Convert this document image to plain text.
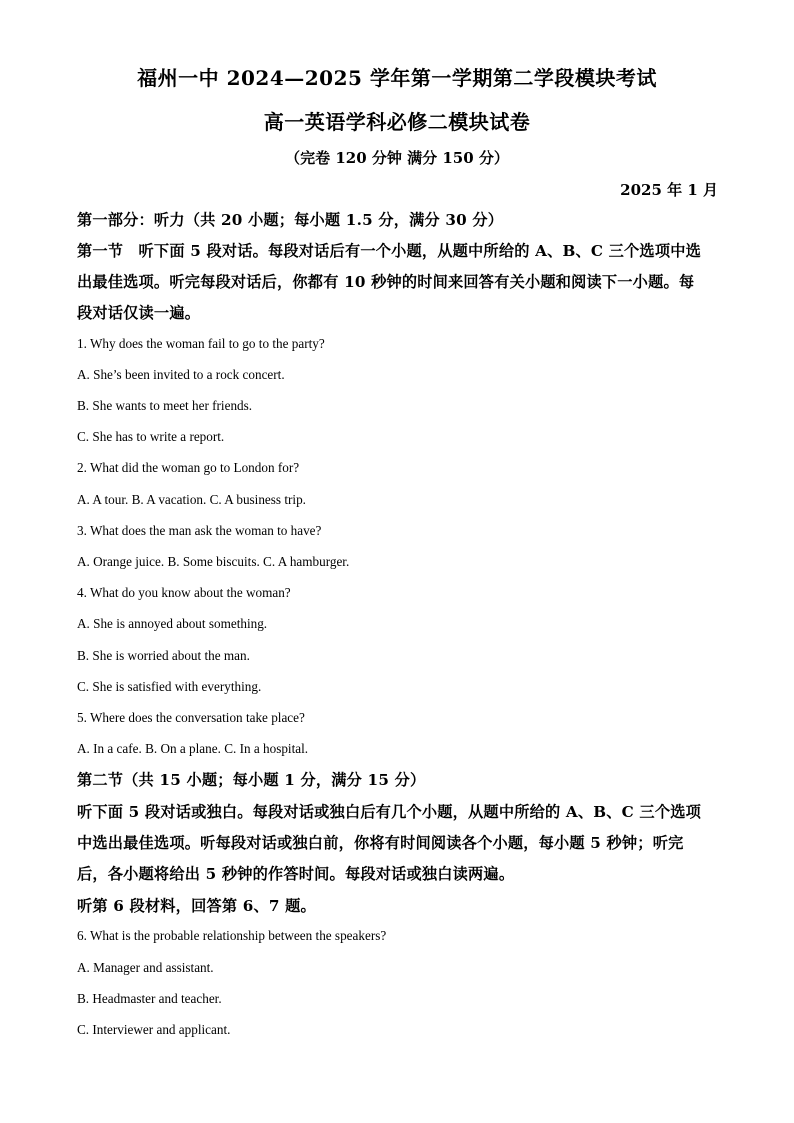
福州一中 2024—2025 学年第一学期第二学段模块考试
高一英语学科必修二模块试卷
（完卷 120 分钟 满分 150 分）
2025 年 1 月
第一部分：听力（共 20 小题；每小题 1.5 分，满分 30 分）
第一节　听下面 5 段对话。每段对话后有一个小题，从题中所给的 A、B、C 三个选项中选
出最佳选项。听完每段对话后，你都有 10 秒钟的时间来回答有关小题和阅读下一小题。每
段对话仅读一遍。
1. Why does the woman fail to go to the party?
A. She’s been invited to a rock concert.
B. She wants to meet her friends.
C. She has to write a report.
2. What did the woman go to London for?
A. A tour. B. A vacation. C. A business trip.
3. What does the man ask the woman to have?
A. Orange juice. B. Some biscuits. C. A hamburger.
4. What do you know about the woman?
A. She is annoyed about something.
B. She is worried about the man.
C. She is satisfied with everything.
5. Where does the conversation take place?
A. In a cafe. B. On a plane. C. In a hospital.
第二节（共 15 小题；每小题 1 分，满分 15 分）
听下面 5 段对话或独白。每段对话或独白后有几个小题，从题中所给的 A、B、C 三个选项
中选出最佳选项。听每段对话或独白前，你将有时间阅读各个小题，每小题 5 秒钟；听完
后，各小题将给出 5 秒钟的作答时间。每段对话或独白读两遍。
听第 6 段材料，回答第 6、7 题。
6. What is the probable relationship between the speakers?
A. Manager and assistant.
B. Headmaster and teacher.
C. Interviewer and applicant.
